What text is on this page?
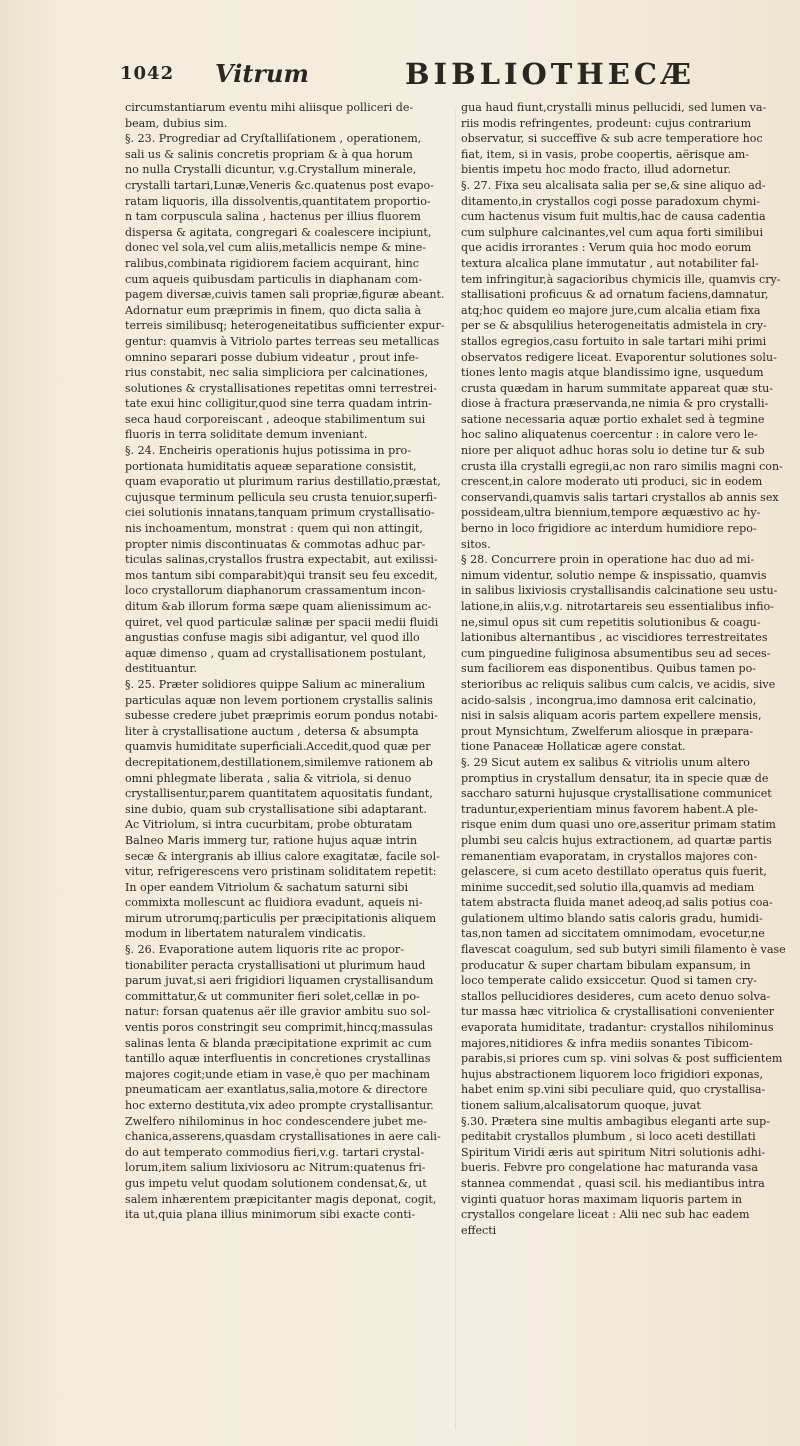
1042 Vitrum	BIBLIOTHECÆ
circumstantiarum eventu mihi aliisque polliceri de-
beam, dubius sim.
§. 23. Progrediar ad Cryſtalliſationem , operationem,
sali us & salinis concretis propriam & à qua horum
no nulla Crystalli dicuntur, v.g.Crystallum minerale,
crystalli tartari,Lunæ,Veneris &c.quatenus post evapo-
ratam liquoris, illa dissolventis,quantitatem proportio-
n tam corpuscula salina , hactenus per illius fluorem
dispersa & agitata, congregari & coalescere incipiunt,
donec vel sola,vel cum aliis,metallicis nempe & mine-
ralibus,combinata rigidiorem faciem acquirant, hinc
cum aqueis quibusdam particulis in diaphanam com-
pagem diversæ,cuivis tamen sali propriæ,figuræ abeant.
Adornatur eum præprimis in finem, quo dicta salia à
terreis similibusq; heterogeneitatibus sufficienter expur-
gentur: quamvis à Vitriolo partes terreas seu metallicas
omnino separari posse dubium videatur , prout infe-
rius constabit, nec salia simpliciora per calcinationes,
solutiones & crystallisationes repetitas omni terrestrei-
tate exui hinc colligitur,quod sine terra quadam intrin-
seca haud corporeiscant , adeoque stabilimentum sui
fluoris in terra soliditate demum inveniant.
§. 24. Encheiris operationis hujus potissima in pro-
portionata humiditatis aqueæ separatione consistit,
quam evaporatio ut plurimum rarius destillatio,præstat,
cujusque terminum pellicula seu crusta tenuior,superfi-
ciei solutionis innatans,tanquam primum crystallisatio-
nis inchoamentum, monstrat : quem qui non attingit,
propter nimis discontinuatas & commotas adhuc par-
ticulas salinas,crystallos frustra expectabit, aut exilissi-
mos tantum sibi comparabit)qui transit seu feu excedit,
loco crystallorum diaphanorum crassamentum incon-
ditum &ab illorum forma sæpe quam alienissimum ac-
quiret, vel quod particulæ salinæ per spacii medii fluidi
angustias confuse magis sibi adigantur, vel quod illo
aquæ dimenso , quam ad crystallisationem postulant,
destituantur.
§. 25. Præter solidiores quippe Salium ac mineralium
particulas aquæ non levem portionem crystallis salinis
subesse credere jubet præprimis eorum pondus notabi-
liter à crystallisatione auctum , detersa & absumpta
quamvis humiditate superficiali.Accedit,quod quæ per
decrepitationem,destillationem,similemve rationem ab
omni phlegmate liberata , salia & vitriola, si denuo
crystallisentur,parem quantitatem aquositatis fundant,
sine dubio, quam sub crystallisatione sibi adaptarant.
Ac Vitriolum, si intra cucurbitam, probe obturatam
Balneo Maris immerg tur, ratione hujus aquæ intrin
secæ & intergranis ab illius calore exagitatæ, facile sol-
vitur, refrigerescens vero pristinam soliditatem repetit:
In oper eandem Vitriolum & sachatum saturni sibi
commixta mollescunt ac fluidiora evadunt, aqueis ni-
mirum utrorumq;particulis per præcipitationis aliquem
modum in libertatem naturalem vindicatis.
§. 26. Evaporatione autem liquoris rite ac propor-
tionabiliter peracta crystallisationi ut plurimum haud
parum juvat,si aeri frigidiori liquamen crystallisandum
committatur,& ut communiter fieri solet,cellæ in po-
natur: forsan quatenus aër ille gravior ambitu suo sol-
ventis poros constringit seu comprimit,hincq;massulas
salinas lenta & blanda præcipitatione exprimit ac cum
tantillo aquæ interfluentis in concretiones crystallinas
majores cogit;unde etiam in vase,è quo per machinam
pneumaticam aer exantlatus,salia,motore & directore
hoc externo destituta,vix adeo prompte crystallisantur.
Zwelfero nihilominus in hoc condescendere jubet me-
chanica,asserens,quasdam crystallisationes in aere cali-
do aut temperato commodius fieri,v.g. tartari crystal-
lorum,item salium lixiviosoru ac Nitrum:quatenus fri-
gus impetu velut quodam solutionem condensat,&, ut
salem inhærentem præpicitanter magis deponat, cogit,
ita ut,quia plana illius minimorum sibi exacte conti-
gua haud fiunt,crystalli minus pellucidi, sed lumen va-
riis modis refringentes, prodeunt: cujus contrarium
observatur, si succeffive & sub acre temperatiore hoc
fiat, item, si in vasis, probe coopertis, aërisque am-
bientis impetu hoc modo fracto, illud adornetur.
§. 27. Fixa seu alcalisata salia per se,& sine aliquo ad-
ditamento,in crystallos cogi posse paradoxum chymi-
cum hactenus visum fuit multis,hac de causa cadentia
cum sulphure calcinantes,vel cum aqua forti similibui
que acidis irrorantes : Verum quia hoc modo eorum
textura alcalica plane immutatur , aut notabiliter fal-
tem infringitur,à sagacioribus chymicis ille, quamvis cry-
stallisationi proficuus & ad ornatum faciens,damnatur,
atq;hoc quidem eo majore jure,cum alcalia etiam fixa
per se & absqulilius heterogeneitatis admistela in cry-
stallos egregios,casu fortuito in sale tartari mihi primi
observatos redigere liceat. Evaporentur solutiones solu-
tiones lento magis atque blandissimo igne, usquedum
crusta quædam in harum summitate appareat quæ stu-
diose à fractura præservanda,ne nimia & pro crystalli-
satione necessaria aquæ portio exhalet sed à tegmine
hoc salino aliquatenus coercentur : in calore vero le-
niore per aliquot adhuc horas solu io detine tur & sub
crusta illa crystalli egregii,ac non raro similis magni con-
crescent,in calore moderato uti produci, sic in eodem
conservandi,quamvis salis tartari crystallos ab annis sex
possideam,ultra biennium,tempore æquæstivo ac hy-
berno in loco frigidiore ac interdum humidiore repo-
sitos.
§ 28. Concurrere proin in operatione hac duo ad mi-
nimum videntur, solutio nempe & inspissatio, quamvis
in salibus lixiviosis crystallisandis calcinatione seu ustu-
latione,in aliis,v.g. nitrotartareis seu essentialibus infio-
ne,simul opus sit cum repetitis solutionibus & coagu-
lationibus alternantibus , ac viscidiores terrestreitates
cum pinguedine fuliginosa absumentibus seu ad seces-
sum faciliorem eas disponentibus. Quibus tamen po-
sterioribus ac reliquis salibus cum calcis, ve acidis, sive
acido-salsis , incongrua,imo damnosa erit calcinatio,
nisi in salsis aliquam acoris partem expellere mensis,
prout Mynsichtum, Zwelferum aliosque in præpara-
tione Panaceæ Hollaticæ agere constat.
§. 29 Sicut autem ex salibus & vitriolis unum altero
promptius in crystallum densatur, ita in specie quæ de
saccharo saturni hujusque crystallisatione communicet
traduntur,experientiam minus favorem habent.A ple-
risque enim dum quasi uno ore,asseritur primam statim
plumbi seu calcis hujus extractionem, ad quartæ partis
remanentiam evaporatam, in crystallos majores con-
gelascere, si cum aceto destillato operatus quis fuerit,
minime succedit,sed solutio illa,quamvis ad mediam
tatem abstracta fluida manet adeoq,ad salis potius coa-
gulationem ultimo blando satis caloris gradu, humidi-
tas,non tamen ad siccitatem omnimodam, evocetur,ne
flavescat coagulum, sed sub butyri simili filamento è vase
producatur & super chartam bibulam expansum, in
loco temperate calido exsiccetur. Quod si tamen cry-
stallos pellucidiores desideres, cum aceto denuo solva-
tur massa hæc vitriolica & crystallisationi convenienter
evaporata humiditate, tradantur: crystallos nihilominus
majores,nitidiores & infra mediis sonantes Tibicom-
parabis,si priores cum sp. vini solvas & post sufficientem
hujus abstractionem liquorem loco frigidiori exponas,
habet enim sp.vini sibi peculiare quid, quo crystallisa-
tionem salium,alcalisatorum quoque, juvat
§.30. Prætera sine multis ambagibus eleganti arte sup-
peditabit crystallos plumbum , si loco aceti destillati
Spiritum Viridi æris aut spiritum Nitri solutionis adhi-
bueris. Febvre pro congelatione hac maturanda vasa
stannea commendat , quasi scil. his mediantibus intra
viginti quatuor horas maximam liquoris partem in
crystallos congelare liceat : Alii nec sub hac eadem
effecti
